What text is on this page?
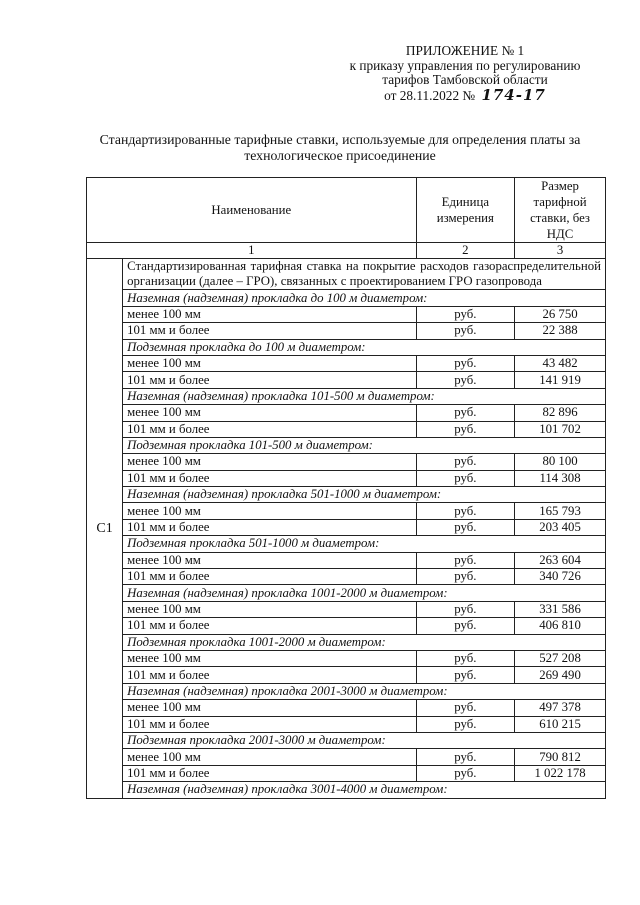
ПРИЛОЖЕНИЕ № 1
к приказу управления по регулированию
тарифов Тамбовской области
от 28.11.2022 № 174-17
Стандартизированные тарифные ставки, используемые для определения платы за
технологическое присоединение
Наименование		Единица измерения	Размер тарифной ставки, без НДС
1		2	3
С1	Стандартизированная тарифная ставка на покрытие расходов газораспределительной организации (далее – ГРО), связанных с проектированием ГРО газопровода		
	Наземная (надземная) прокладка до 100 м диаметром:		
	менее 100 мм	руб.	26 750
	101 мм и более	руб.	22 388
	Подземная прокладка до 100 м диаметром:		
	менее 100 мм	руб.	43 482
	101 мм и более	руб.	141 919
	Наземная (надземная) прокладка 101-500 м диаметром:		
	менее 100 мм	руб.	82 896
	101 мм и более	руб.	101 702
	Подземная прокладка 101-500 м диаметром:		
	менее 100 мм	руб.	80 100
	101 мм и более	руб.	114 308
	Наземная (надземная) прокладка 501-1000 м диаметром:		
	менее 100 мм	руб.	165 793
	101 мм и более	руб.	203 405
	Подземная прокладка 501-1000 м диаметром:		
	менее 100 мм	руб.	263 604
	101 мм и более	руб.	340 726
	Наземная (надземная) прокладка 1001-2000 м диаметром:		
	менее 100 мм	руб.	331 586
	101 мм и более	руб.	406 810
	Подземная прокладка 1001-2000 м диаметром:		
	менее 100 мм	руб.	527 208
	101 мм и более	руб.	269 490
	Наземная (надземная) прокладка 2001-3000 м диаметром:		
	менее 100 мм	руб.	497 378
	101 мм и более	руб.	610 215
	Подземная прокладка 2001-3000 м диаметром:		
	менее 100 мм	руб.	790 812
	101 мм и более	руб.	1 022 178
	Наземная (надземная) прокладка 3001-4000 м диаметром:		
